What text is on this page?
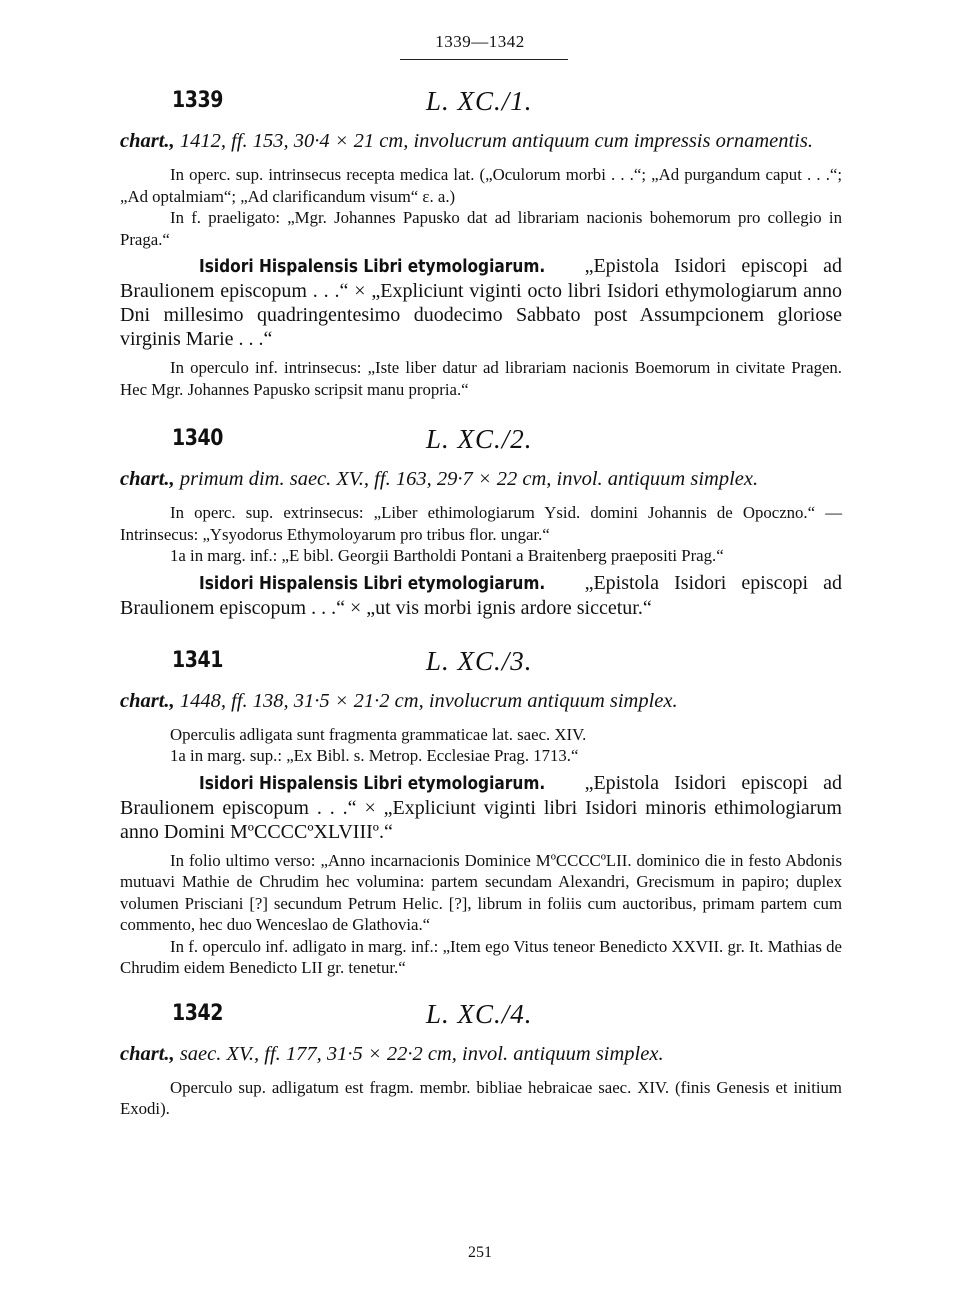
1339—1342
1339	L. XC./1.

chart., 1412, ff. 153, 30·4 × 21 cm, involucrum antiquum cum impressis ornamentis.

In operc. sup. intrinsecus recepta medica lat. („Oculorum morbi . . .“; „Ad purgandum caput . . .“; „Ad optalmiam“; „Ad clarificandum visum“ ε. a.)

In f. praeligato: „Mgr. Johannes Papusko dat ad librariam nacionis bohemorum pro collegio in Praga.“

Isidori Hispalensis Libri etymologiarum. „Epistola Isidori episcopi ad Braulionem episcopum . . .“ × „Expliciunt viginti octo libri Isidori ethymologiarum anno Dni millesimo quadringentesimo duodecimo Sabbato post Assumpcionem gloriose virginis Marie . . .“

In operculo inf. intrinsecus: „Iste liber datur ad librariam nacionis Boemorum in civitate Pragen. Hec Mgr. Johannes Papusko scripsit manu propria.“

1340	L. XC./2.

chart., primum dim. saec. XV., ff. 163, 29·7 × 22 cm, invol. antiquum simplex.

In operc. sup. extrinsecus: „Liber ethimologiarum Ysid. domini Johannis de Opoczno.“ — Intrinsecus: „Ysyodorus Ethymoloyarum pro tribus flor. ungar.“

1a in marg. inf.: „E bibl. Georgii Bartholdi Pontani a Braitenberg praepositi Prag.“

Isidori Hispalensis Libri etymologiarum. „Epistola Isidori episcopi ad Braulionem episcopum . . .“ × „ut vis morbi ignis ardore siccetur.“

1341	L. XC./3.

chart., 1448, ff. 138, 31·5 × 21·2 cm, involucrum antiquum simplex.

Operculis adligata sunt fragmenta grammaticae lat. saec. XIV.

1a in marg. sup.: „Ex Bibl. s. Metrop. Ecclesiae Prag. 1713.“

Isidori Hispalensis Libri etymologiarum. „Epistola Isidori episcopi ad Braulionem episcopum . . .“ × „Expliciunt viginti libri Isidori minoris ethimologiarum anno Domini MºCCCCºXLVIIIº.“

In folio ultimo verso: „Anno incarnacionis Dominice MºCCCCºLII. dominico die in festo Abdonis mutuavi Mathie de Chrudim hec volumina: partem secundam Alexandri, Grecismum in papiro; duplex volumen Prisciani [?] secundum Petrum Helic. [?], librum in foliis cum auctoribus, primam partem cum commento, hec duo Wenceslao de Glathovia.“

In f. operculo inf. adligato in marg. inf.: „Item ego Vitus teneor Benedicto XXVII. gr. It. Mathias de Chrudim eidem Benedicto LII gr. tenetur.“

1342	L. XC./4.

chart., saec. XV., ff. 177, 31·5 × 22·2 cm, invol. antiquum simplex.

Operculo sup. adligatum est fragm. membr. bibliae hebraicae saec. XIV. (finis Genesis et initium Exodi).

251
